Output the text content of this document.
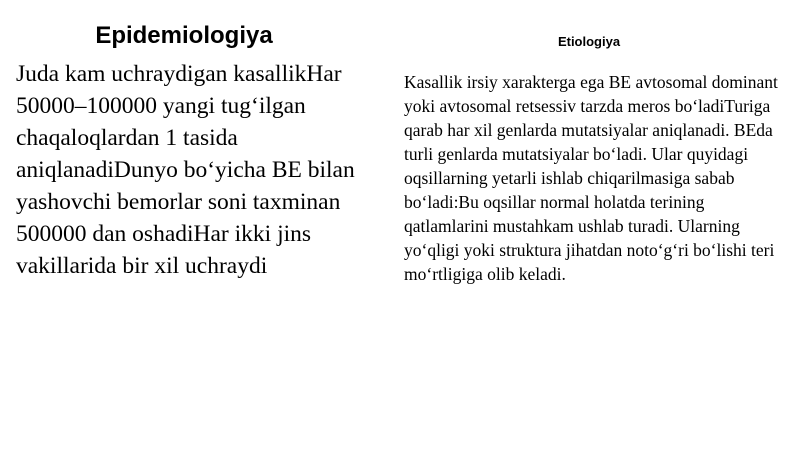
Epidemiologiya

Juda kam uchraydigan kasallikHar 50000–100000 yangi tug‘ilgan chaqaloqlardan 1 tasida aniqlanadiDunyo bo‘yicha BE bilan yashovchi bemorlar soni taxminan 500000 dan oshadiHar ikki jins vakillarida bir xil uchraydi

Etiologiya

Kasallik irsiy xarakterga ega BE avtosomal dominant yoki avtosomal retsessiv tarzda meros bo‘ladiTuriga qarab har xil genlarda mutatsiyalar aniqlanadi. BEda turli genlarda mutatsiyalar bo‘ladi. Ular quyidagi oqsillarning yetarli ishlab chiqarilmasiga sabab bo‘ladi:Bu oqsillar normal holatda terining qatlamlarini mustahkam ushlab turadi. Ularning yo‘qligi yoki struktura jihatdan noto‘g‘ri bo‘lishi teri mo‘rtligiga olib keladi.
